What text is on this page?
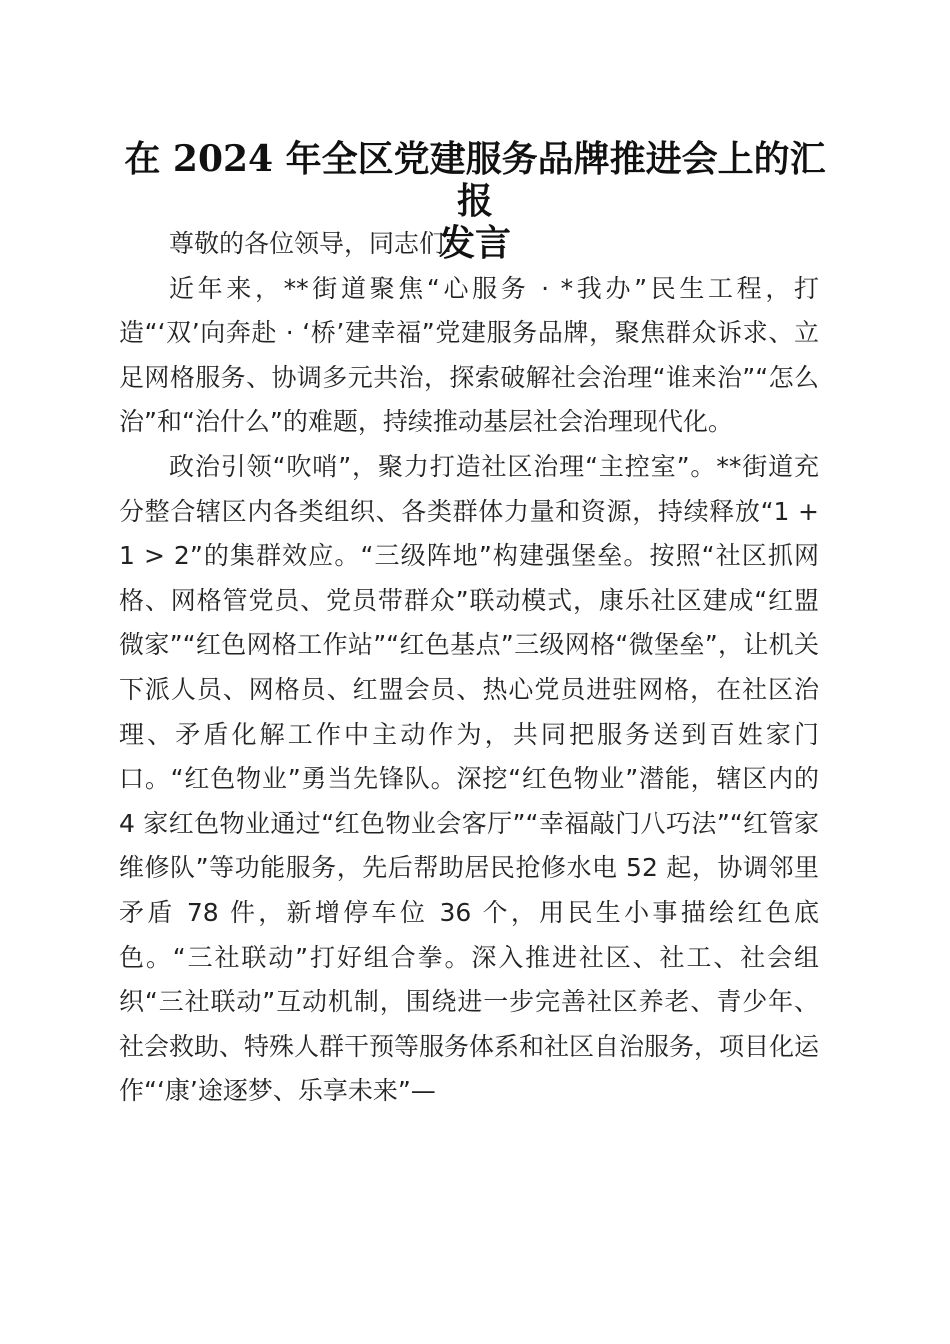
在 2024 年全区党建服务品牌推进会上的汇报
发言

尊敬的各位领导，同志们:

近年来，**街道聚焦“心服务 · *我办”民生工程，打造“‘双’向奔赴 · ‘桥’建幸福”党建服务品牌，聚焦群众诉求、立足网格服务、协调多元共治，探索破解社会治理“谁来治”“怎么治”和“治什么”的难题，持续推动基层社会治理现代化。

政治引领“吹哨”，聚力打造社区治理“主控室”。**街道充分整合辖区内各类组织、各类群体力量和资源，持续释放“1 + 1 > 2”的集群效应。“三级阵地”构建强堡垒。按照“社区抓网格、网格管党员、党员带群众”联动模式，康乐社区建成“红盟微家”“红色网格工作站”“红色基点”三级网格“微堡垒”，让机关下派人员、网格员、红盟会员、热心党员进驻网格，在社区治理、矛盾化解工作中主动作为，共同把服务送到百姓家门口。“红色物业”勇当先锋队。深挖“红色物业”潜能，辖区内的 4 家红色物业通过“红色物业会客厅”“幸福敲门八巧法”“红管家维修队”等功能服务，先后帮助居民抢修水电 52 起，协调邻里矛盾 78 件，新增停车位 36 个，用民生小事描绘红色底色。“三社联动”打好组合拳。深入推进社区、社工、社会组织“三社联动”互动机制，围绕进一步完善社区养老、青少年、社会救助、特殊人群干预等服务体系和社区自治服务，项目化运作“‘康’途逐梦、乐享未来”—
